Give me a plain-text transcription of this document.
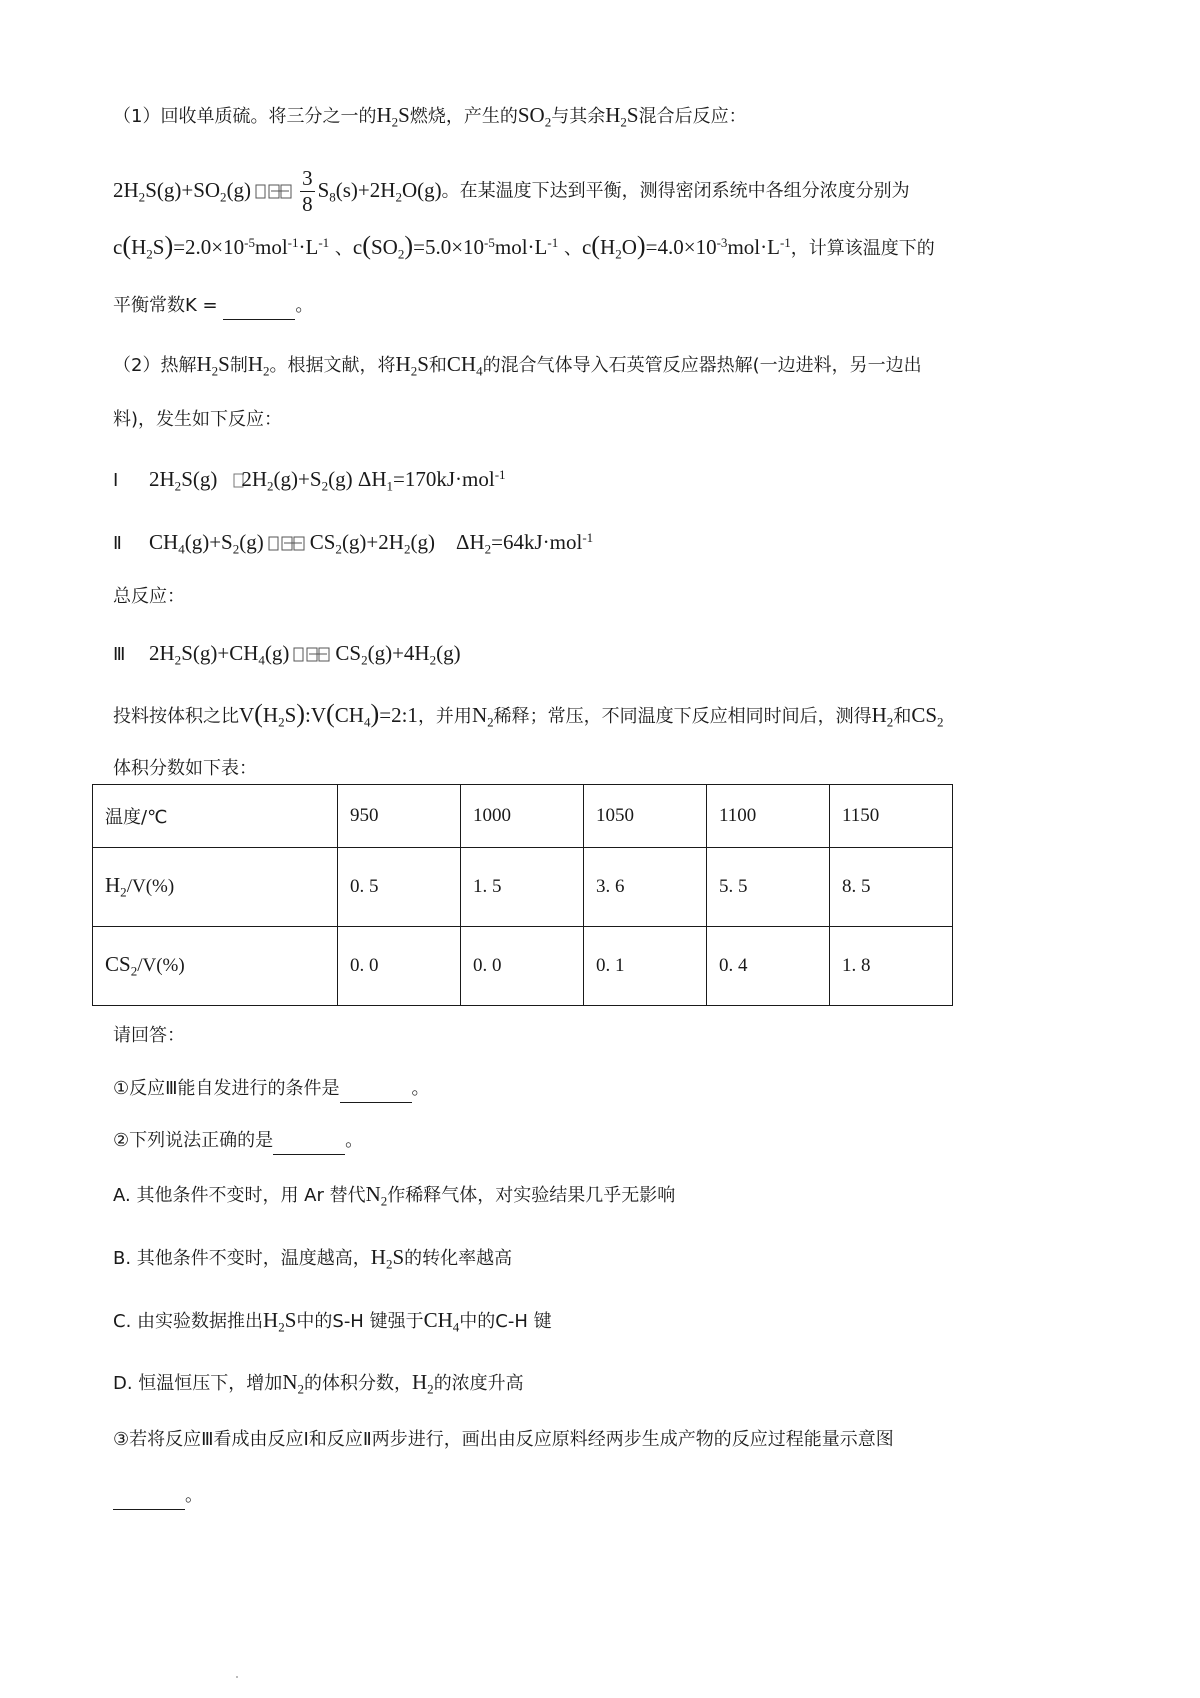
（1）回收单质硫。将三分之一的$H_2S$燃烧，产生的$SO_2$与其余$H_2S$混合后反应：
$2H_2S(g)+SO_2(g) \frac{3}{8} S_8(s)+2H_2O(g)$。在某温度下达到平衡，测得密闭系统中各组分浓度分别为
$c(H_2S)=2.0\times 10^{-5}mol^{-1}\cdot L^{-1}$ 、$c(SO_2)=5.0\times 10^{-5}mol\cdot L^{-1}$ 、$c(H_2O)=4.0\times 10^{-3}mol\cdot L^{-1}$，计算该温度下的
平衡常数K =	。
（2）热解$H_2S$制$H_2$。根据文献，将$H_2S$和$CH_4$的混合气体导入石英管反应器热解(一边进料，另一边出
料)，发生如下反应：
Ⅰ $2H_2S(g)$ $2H_2(g)+S_2(g)$ $\Delta H_1=170kJ\cdot mol^{-1}$
Ⅱ $CH_4(g)+S_2(g)$ $CS_2(g)+2H_2(g)$    $\Delta H_2=64kJ\cdot mol^{-1}$
总反应：
Ⅲ $2H_2S(g)+CH_4(g)$ $CS_2(g)+4H_2(g)$
投料按体积之比$V(H_2S):V(CH_4)=2:1$，并用$N_2$稀释；常压，不同温度下反应相同时间后，测得$H_2$和$CS_2$
体积分数如下表：
温度/℃	950	1000	1050	1100	1150
$H_2/V(\%)$	0. 5	1. 5	3. 6	5. 5	8. 5
$CS_2/V(\%)$	0. 0	0. 0	0. 1	0. 4	1. 8
请回答：
①反应Ⅲ能自发进行的条件是	。
②下列说法正确的是	。
A. 其他条件不变时，用 Ar 替代$N_2$作稀释气体，对实验结果几乎无影响
B. 其他条件不变时，温度越高，$H_2S$的转化率越高
C. 由实验数据推出$H_2S$中的S-H 键强于$CH_4$中的C-H 键
D. 恒温恒压下，增加$N_2$的体积分数，$H_2$的浓度升高
③若将反应Ⅲ看成由反应Ⅰ和反应Ⅱ两步进行，画出由反应原料经两步生成产物的反应过程能量示意图
。
